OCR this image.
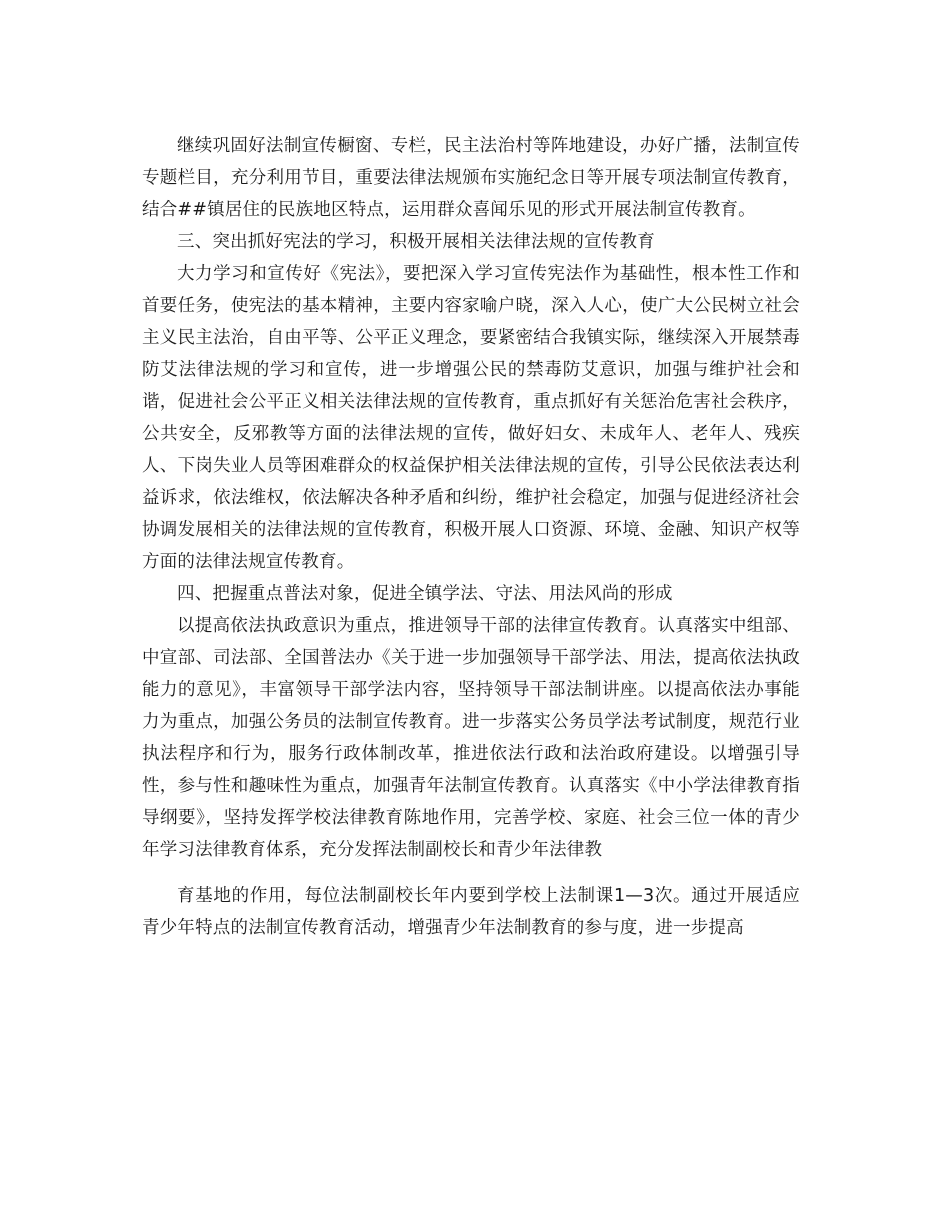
继续巩固好法制宣传橱窗、专栏，民主法治村等阵地建设，办好广播，法制宣传专题栏目，充分利用节目，重要法律法规颁布实施纪念日等开展专项法制宣传教育，结合##镇居住的民族地区特点，运用群众喜闻乐见的形式开展法制宣传教育。

三、突出抓好宪法的学习，积极开展相关法律法规的宣传教育

大力学习和宣传好《宪法》，要把深入学习宣传宪法作为基础性，根本性工作和首要任务，使宪法的基本精神，主要内容家喻户晓，深入人心，使广大公民树立社会主义民主法治，自由平等、公平正义理念，要紧密结合我镇实际，继续深入开展禁毒防艾法律法规的学习和宣传，进一步增强公民的禁毒防艾意识，加强与维护社会和谐，促进社会公平正义相关法律法规的宣传教育，重点抓好有关惩治危害社会秩序，公共安全，反邪教等方面的法律法规的宣传，做好妇女、未成年人、老年人、残疾人、下岗失业人员等困难群众的权益保护相关法律法规的宣传，引导公民依法表达利益诉求，依法维权，依法解决各种矛盾和纠纷，维护社会稳定，加强与促进经济社会协调发展相关的法律法规的宣传教育，积极开展人口资源、环境、金融、知识产权等方面的法律法规宣传教育。

四、把握重点普法对象，促进全镇学法、守法、用法风尚的形成

以提高依法执政意识为重点，推进领导干部的法律宣传教育。认真落实中组部、中宣部、司法部、全国普法办《关于进一步加强领导干部学法、用法，提高依法执政能力的意见》，丰富领导干部学法内容，坚持领导干部法制讲座。以提高依法办事能力为重点，加强公务员的法制宣传教育。进一步落实公务员学法考试制度，规范行业执法程序和行为，服务行政体制改革，推进依法行政和法治政府建设。以增强引导性，参与性和趣味性为重点，加强青年法制宣传教育。认真落实《中小学法律教育指导纲要》，坚持发挥学校法律教育陈地作用，完善学校、家庭、社会三位一体的青少年学习法律教育体系，充分发挥法制副校长和青少年法律教

育基地的作用，每位法制副校长年内要到学校上法制课1—3次。通过开展适应青少年特点的法制宣传教育活动，增强青少年法制教育的参与度，进一步提高
